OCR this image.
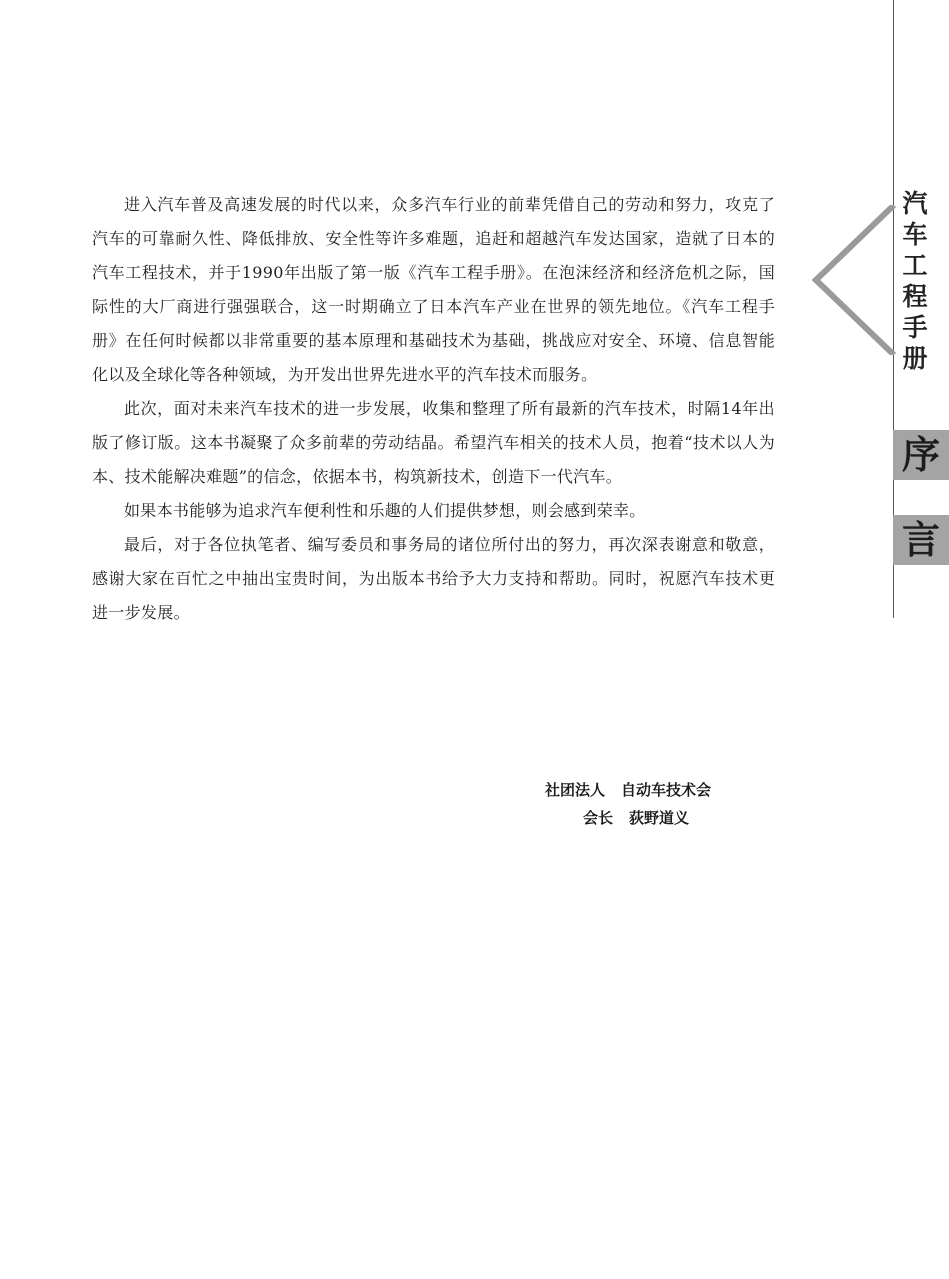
汽车工程手册
序
言

进入汽车普及高速发展的时代以来，众多汽车行业的前辈凭借自己的劳动和努力，攻克了汽车的可靠耐久性、降低排放、安全性等许多难题，追赶和超越汽车发达国家，造就了日本的汽车工程技术，并于1990年出版了第一版《汽车工程手册》。在泡沫经济和经济危机之际，国际性的大厂商进行强强联合，这一时期确立了日本汽车产业在世界的领先地位。《汽车工程手册》在任何时候都以非常重要的基本原理和基础技术为基础，挑战应对安全、环境、信息智能化以及全球化等各种领域，为开发出世界先进水平的汽车技术而服务。

此次，面对未来汽车技术的进一步发展，收集和整理了所有最新的汽车技术，时隔14年出版了修订版。这本书凝聚了众多前辈的劳动结晶。希望汽车相关的技术人员，抱着“技术以人为本、技术能解决难题”的信念，依据本书，构筑新技术，创造下一代汽车。

如果本书能够为追求汽车便利性和乐趣的人们提供梦想，则会感到荣幸。

最后，对于各位执笔者、编写委员和事务局的诸位所付出的努力，再次深表谢意和敬意，感谢大家在百忙之中抽出宝贵时间，为出版本书给予大力支持和帮助。同时，祝愿汽车技术更进一步发展。

社团法人 自动车技术会
会长 荻野道义
